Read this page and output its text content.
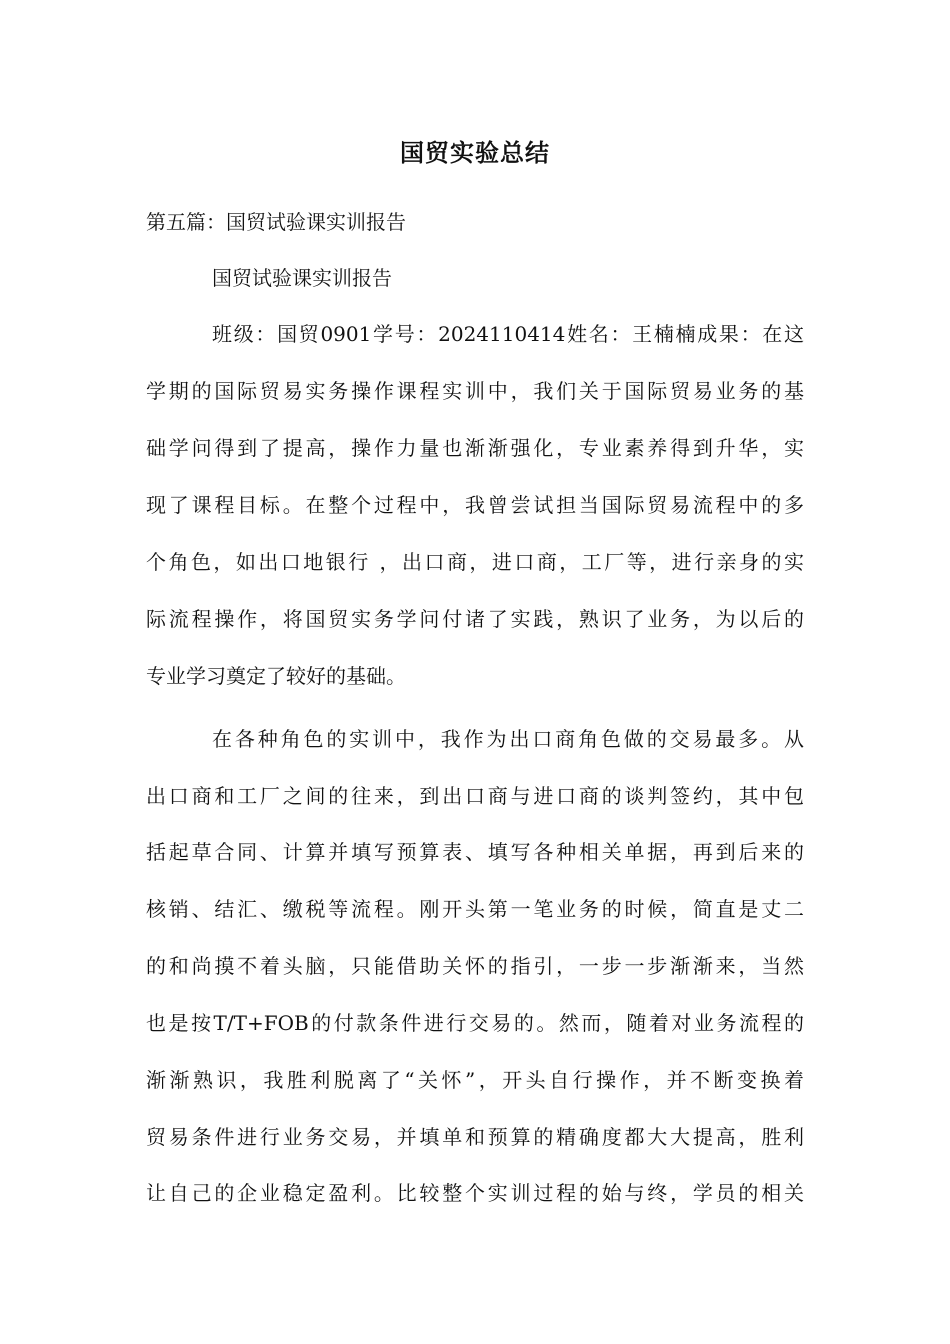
国贸实验总结

第五篇：国贸试验课实训报告

国贸试验课实训报告

班级：国贸0901学号：2024110414姓名：王楠楠成果：在这

学期的国际贸易实务操作课程实训中，我们关于国际贸易业务的基

础学问得到了提高，操作力量也渐渐强化，专业素养得到升华，实

现了课程目标。在整个过程中，我曾尝试担当国际贸易流程中的多

个角色，如出口地银行 ，出口商，进口商，工厂等，进行亲身的实

际流程操作，将国贸实务学问付诸了实践，熟识了业务，为以后的

专业学习奠定了较好的基础。

在各种角色的实训中，我作为出口商角色做的交易最多。从

出口商和工厂之间的往来，到出口商与进口商的谈判签约，其中包

括起草合同、计算并填写预算表、填写各种相关单据，再到后来的

核销、结汇、缴税等流程。刚开头第一笔业务的时候，简直是丈二

的和尚摸不着头脑，只能借助关怀的指引，一步一步渐渐来，当然

也是按T/T+FOB的付款条件进行交易的。然而，随着对业务流程的

渐渐熟识，我胜利脱离了“关怀”，开头自行操作，并不断变换着

贸易条件进行业务交易，并填单和预算的精确度都大大提高，胜利

让自己的企业稳定盈利。比较整个实训过程的始与终，学员的相关
